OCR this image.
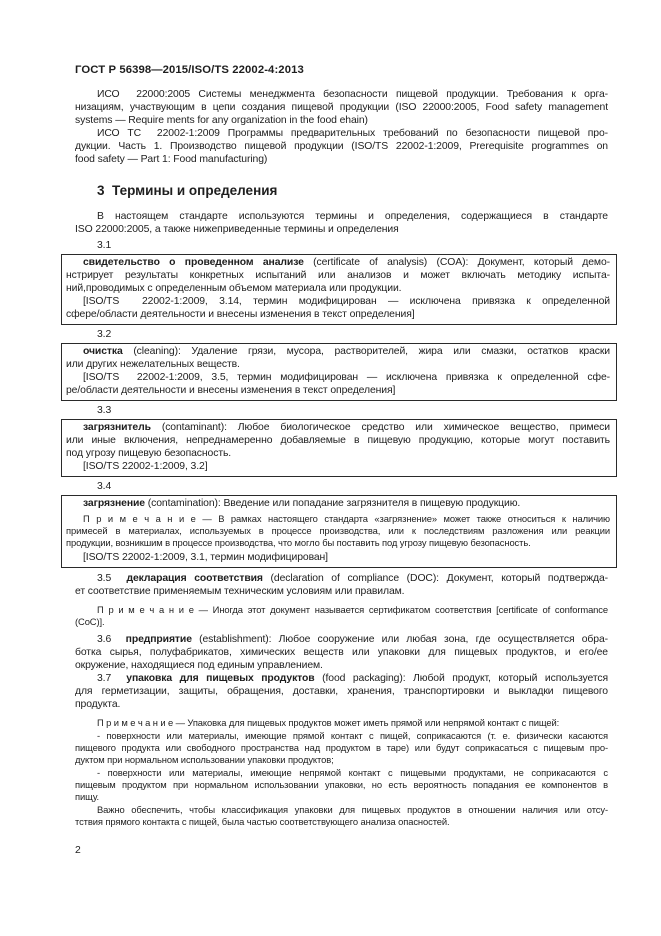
ГОСТ Р 56398—2015/ISO/TS 22002-4:2013
ИСО  22000:2005 Системы менеджмента безопасности пищевой продукции. Требования к орга-
низациям, участвующим в цепи создания пищевой продукции (ISO 22000:2005, Food safety management
systems — Require ments for any organization in the food ehain)
ИСО ТС  22002-1:2009 Программы предварительных требований по безопасности пищевой про-
дукции. Часть 1. Производство пищевой продукции (ISO/TS 22002-1:2009, Prerequisite programmes on
food safety — Part 1: Food manufacturing)
3  Термины и определения
В настоящем стандарте используются термины и определения, содержащиеся в стандарте
ISO 22000:2005, а также нижеприведенные термины и определения
3.1
свидетельство о проведенном анализе (certificate of analysis) (COA): Документ, который демо-
нстрирует результаты конкретных испытаний или анализов и может включать методику испыта-
ний,проводимых с определенным объемом материала или продукции.
[ISO/TS  22002-1:2009, 3.14, термин модифицирован — исключена привязка к определенной
сфере/области деятельности и внесены изменения в текст определения]
3.2
очистка (cleaning): Удаление грязи, мусора, растворителей, жира или смазки, остатков краски
или других нежелательных веществ.
[ISO/TS  22002-1:2009, 3.5, термин модифицирован — исключена привязка к определенной сфе-
ре/области деятельности и внесены изменения в текст определения]
3.3
загрязнитель (contaminant): Любое биологическое средство или химическое вещество, примеси
или иные включения, непреднамеренно добавляемые в пищевую продукцию, которые могут поставить
под угрозу пищевую безопасность.
[ISO/TS 22002-1:2009, 3.2]
3.4
загрязнение (contamination): Введение или попадание загрязнителя в пищевую продукцию.
П р и м е ч а н и е — В рамках настоящего стандарта «загрязнение» может также относиться к наличию
примесей в материалах, используемых в процессе производства, или к последствиям разложения или реакции
продукции, возникшим в процессе производства, что могло бы поставить под угрозу пищевую безопасность.
[ISO/TS 22002-1:2009, 3.1, термин модифицирован]
3.5  декларация соответствия (declaration of compliance (DOC): Документ, который подтвержда-
ет соответствие применяемым техническим условиям или правилам.
П р и м е ч а н и е — Иногда этот документ называется сертификатом соответствия [certificate of conformance
(CoC)].
3.6  предприятие (establishment): Любое сооружение или любая зона, где осуществляется обра-
ботка сырья, полуфабрикатов, химических веществ или упаковки для пищевых продуктов, и его/ее
окружение, находящиеся под единым управлением.
3.7  упаковка для пищевых продуктов (food packaging): Любой продукт, который используется
для герметизации, защиты, обращения, доставки, хранения, транспортировки и выкладки пищевого
продукта.
П р и м е ч а н и е — Упаковка для пищевых продуктов может иметь прямой или непрямой контакт с пищей:
- поверхности или материалы, имеющие прямой контакт с пищей, соприкасаются (т. е. физически касаются
пищевого продукта или свободного пространства над продуктом в таре) или будут соприкасаться с пищевым про-
дуктом при нормальном использовании упаковки продуктов;
- поверхности или материалы, имеющие непрямой контакт с пищевыми продуктами, не соприкасаются с
пищевым продуктом при нормальном использовании упаковки, но есть вероятность попадания ее компонентов в
пищу.
Важно обеспечить, чтобы классификация упаковки для пищевых продуктов в отношении наличия или отсу-
тствия прямого контакта с пищей, была частью соответствующего анализа опасностей.
2
